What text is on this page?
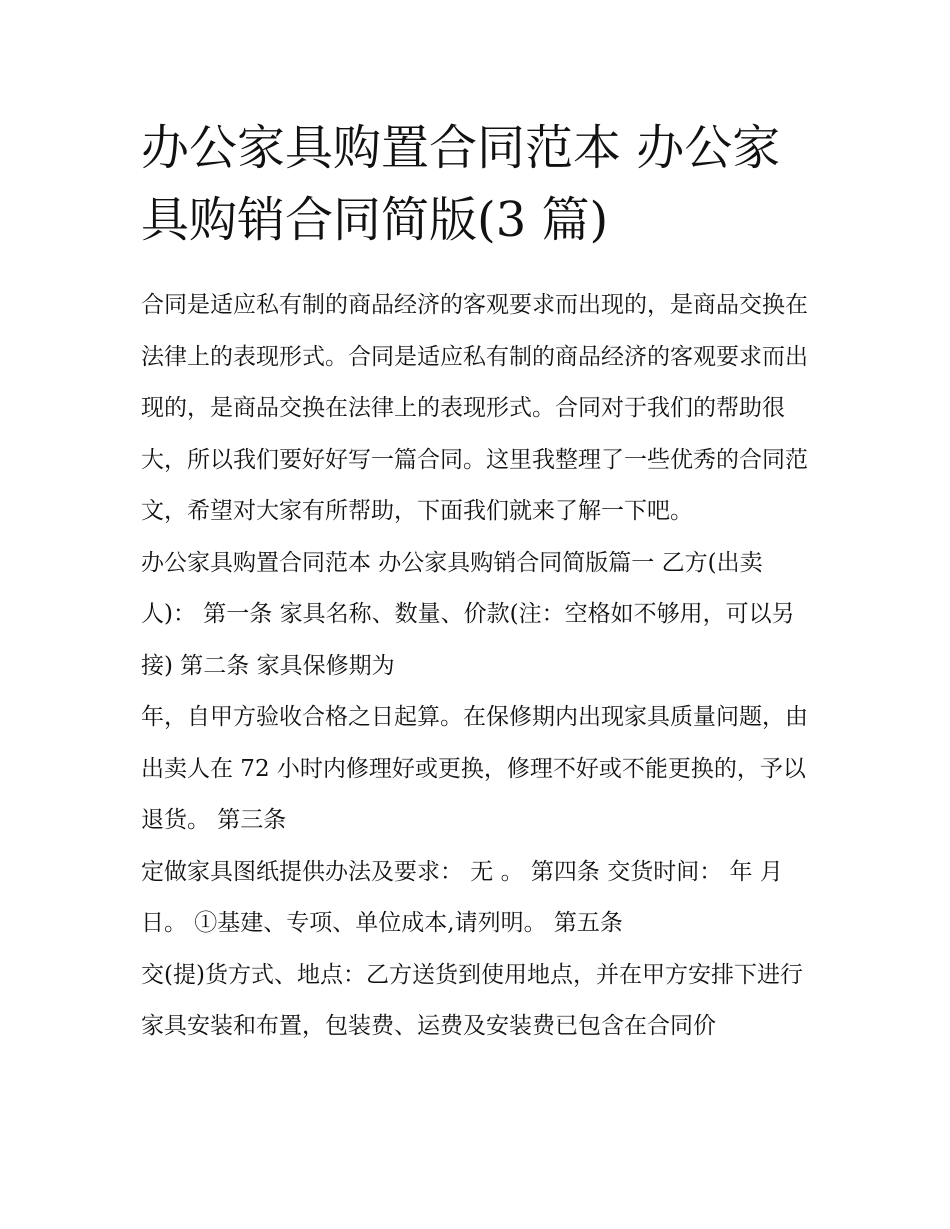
办公家具购置合同范本 办公家具购销合同简版(3 篇)

合同是适应私有制的商品经济的客观要求而出现的，是商品交换在法律上的表现形式。合同是适应私有制的商品经济的客观要求而出现的，是商品交换在法律上的表现形式。合同对于我们的帮助很大，所以我们要好好写一篇合同。这里我整理了一些优秀的合同范文，希望对大家有所帮助，下面我们就来了解一下吧。

办公家具购置合同范本 办公家具购销合同简版篇一 乙方(出卖人)： 第一条 家具名称、数量、价款(注：空格如不够用，可以另接) 第二条 家具保修期为

年，自甲方验收合格之日起算。在保修期内出现家具质量问题，由出卖人在 72 小时内修理好或更换，修理不好或不能更换的，予以退货。 第三条

定做家具图纸提供办法及要求： 无 。 第四条 交货时间： 年 月 日。 ①基建、专项、单位成本,请列明。 第五条

交(提)货方式、地点：乙方送货到使用地点，并在甲方安排下进行家具安装和布置，包装费、运费及安装费已包含在合同价
